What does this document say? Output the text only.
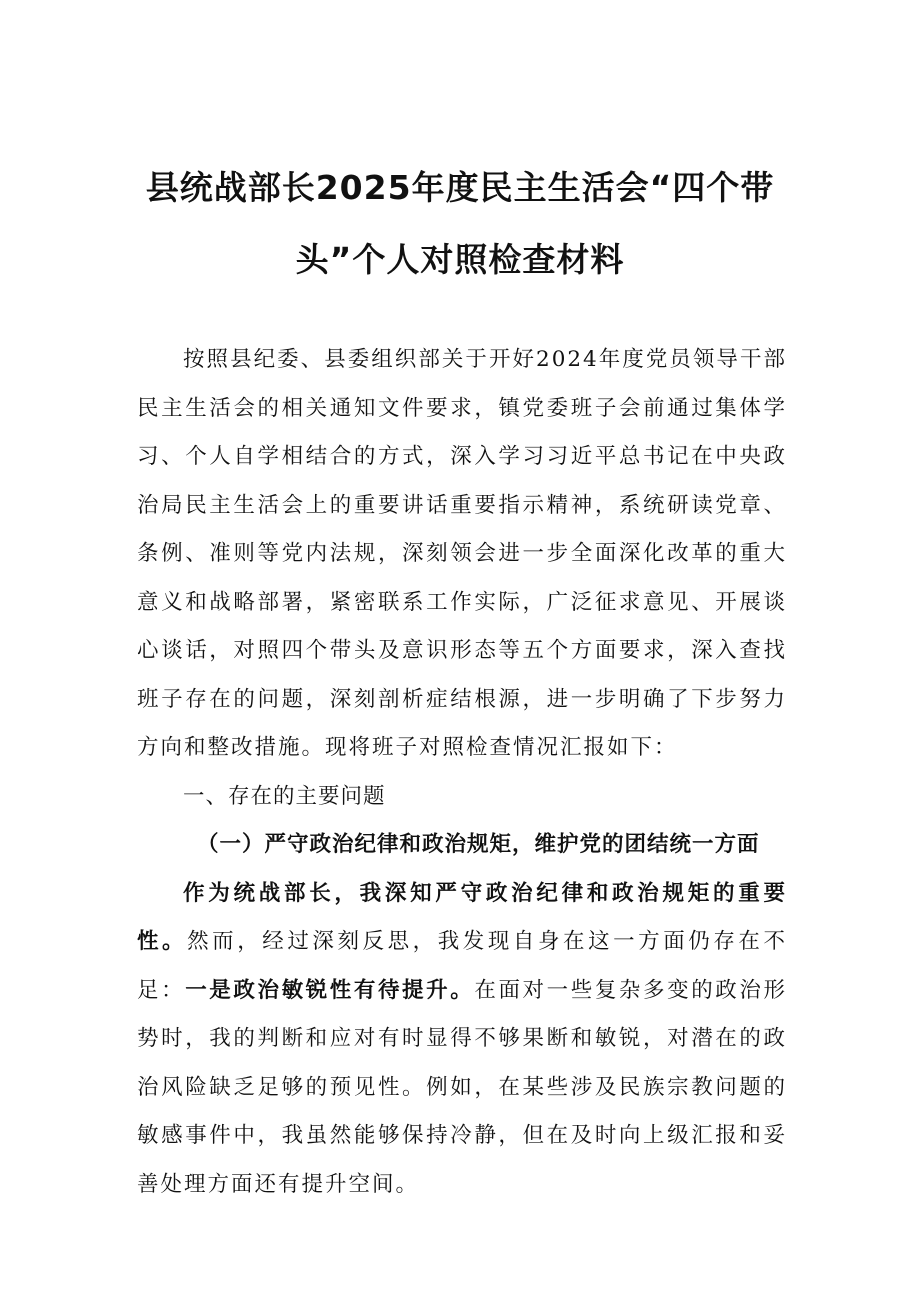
县统战部长2025年度民主生活会“四个带
头”个人对照检查材料

按照县纪委、县委组织部关于开好2024年度党员领导干部民主生活会的相关通知文件要求，镇党委班子会前通过集体学习、个人自学相结合的方式，深入学习习近平总书记在中央政治局民主生活会上的重要讲话重要指示精神，系统研读党章、条例、准则等党内法规，深刻领会进一步全面深化改革的重大意义和战略部署，紧密联系工作实际，广泛征求意见、开展谈心谈话，对照四个带头及意识形态等五个方面要求，深入查找班子存在的问题，深刻剖析症结根源，进一步明确了下步努力方向和整改措施。现将班子对照检查情况汇报如下：

一、存在的主要问题

（一）严守政治纪律和政治规矩，维护党的团结统一方面

作为统战部长，我深知严守政治纪律和政治规矩的重要性。然而，经过深刻反思，我发现自身在这一方面仍存在不足：一是政治敏锐性有待提升。在面对一些复杂多变的政治形势时，我的判断和应对有时显得不够果断和敏锐，对潜在的政治风险缺乏足够的预见性。例如，在某些涉及民族宗教问题的敏感事件中，我虽然能够保持冷静，但在及时向上级汇报和妥善处理方面还有提升空间。
